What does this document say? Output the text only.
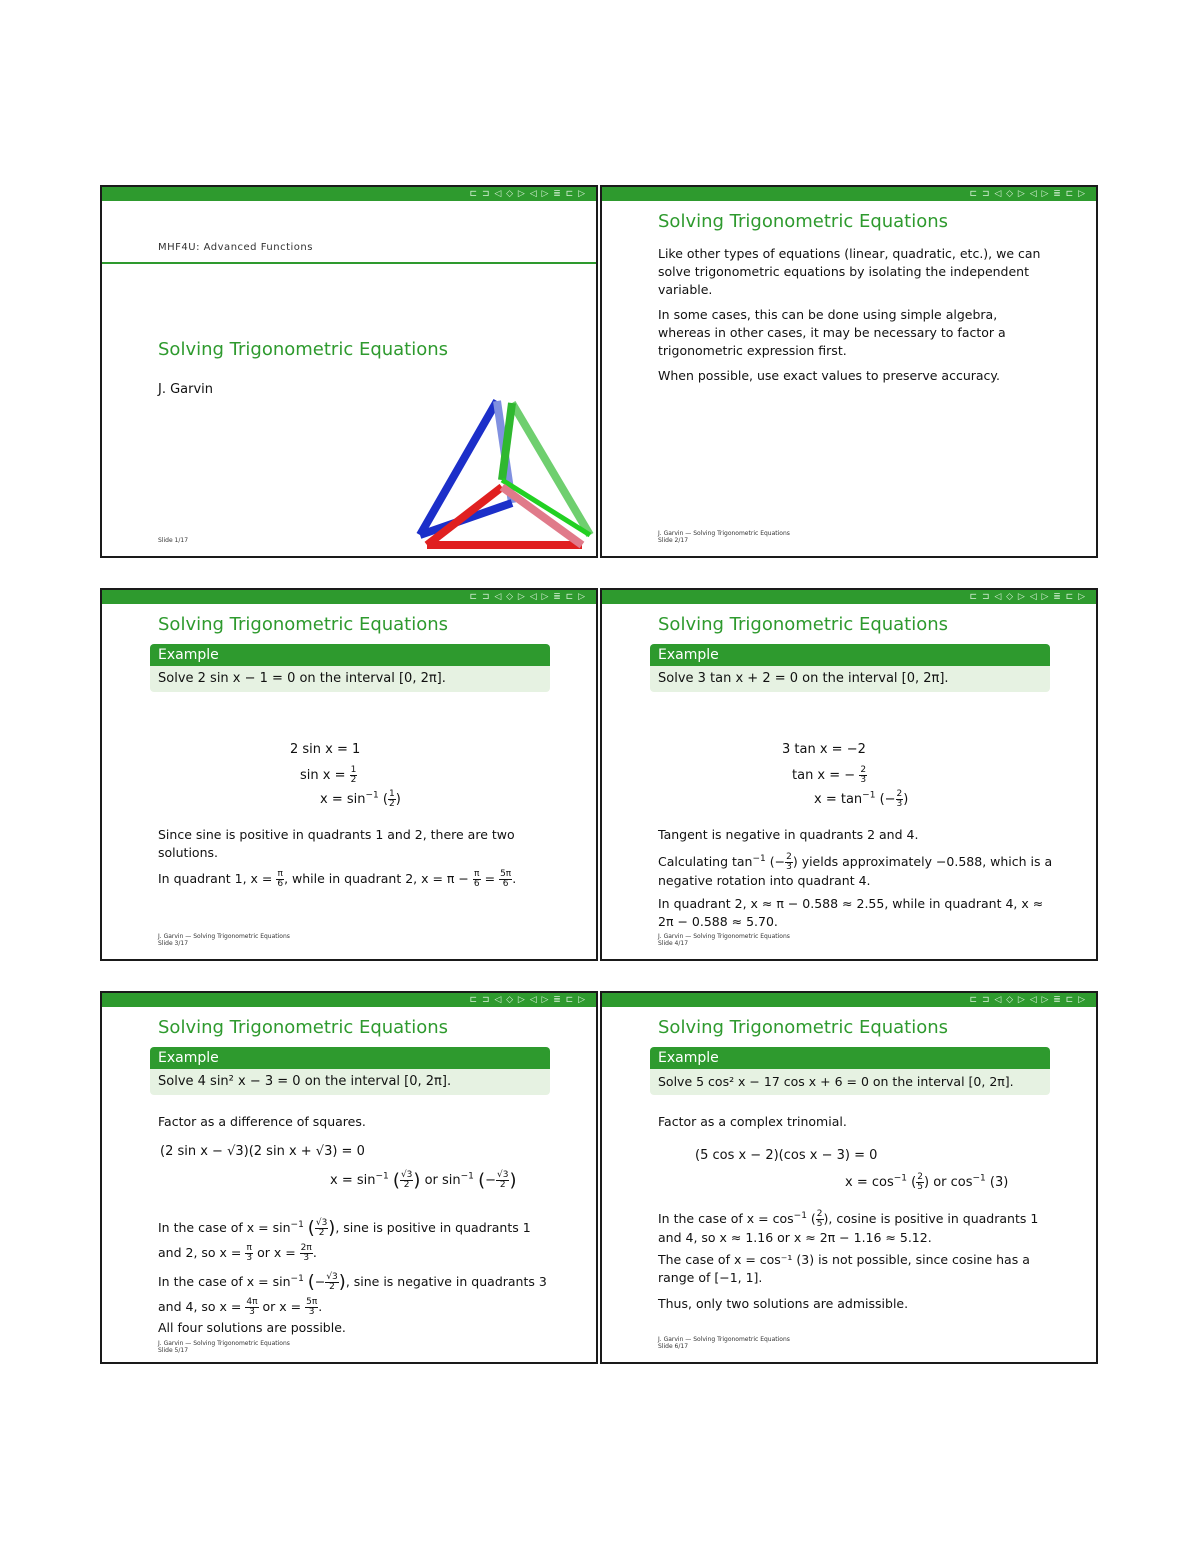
⊏ ⊐ ◁ ◇ ▷ ◁ ▷ ≣ ⊏ ▷
MHF4U: Advanced Functions
Solving Trigonometric Equations
J. Garvin
Slide 1/17
⊏ ⊐ ◁ ◇ ▷ ◁ ▷ ≣ ⊏ ▷
Solving Trigonometric Equations

Like other types of equations (linear, quadratic, etc.), we can solve trigonometric equations by isolating the independent variable.

In some cases, this can be done using simple algebra, whereas in other cases, it may be necessary to factor a trigonometric expression first.

When possible, use exact values to preserve accuracy.

J. Garvin — Solving Trigonometric Equations
Slide 2/17
⊏ ⊐ ◁ ◇ ▷ ◁ ▷ ≣ ⊏ ▷
Solving Trigonometric Equations
Example
Solve 2 sin x − 1 = 0 on the interval [0, 2π].
2 sin x = 1
$\sin x = \frac{1}{2}$
$x = \sin^{-1}$ ( $\frac{1}{2}$ )
Since sine is positive in quadrants 1 and 2, there are two solutions.
In quadrant 1, $x = \frac{\pi}{6}$ , while in quadrant 2, $x = \pi - \frac{\pi}{6} = \frac{5\pi}{6}$ .
J. Garvin — Solving Trigonometric Equations
Slide 3/17
⊏ ⊐ ◁ ◇ ▷ ◁ ▷ ≣ ⊏ ▷
Solving Trigonometric Equations
Example
Solve 3 tan x + 2 = 0 on the interval [0, 2π].
3 tan x = −2
tan x = − $\frac{2}{3}$
$x = \tan^{-1}$ (− $\frac{2}{3}$ )
Tangent is negative in quadrants 2 and 4.
Calculating $\tan^{-1}$ (− $\frac{2}{3}$ ) yields approximately −0.588, which is a negative rotation into quadrant 4.
In quadrant 2, x ≈ π − 0.588 ≈ 2.55, while in quadrant 4, x ≈ 2π − 0.588 ≈ 5.70.
J. Garvin — Solving Trigonometric Equations
Slide 4/17
⊏ ⊐ ◁ ◇ ▷ ◁ ▷ ≣ ⊏ ▷
Solving Trigonometric Equations
Example
Solve 4 sin² x − 3 = 0 on the interval [0, 2π].
Factor as a difference of squares.
(2 sin x − √3)(2 sin x + √3) = 0
$x = \sin^{-1}$ ( $\frac{√3}{2}$ ) or $\sin^{-1}$ (− $\frac{√3}{2}$ )
In the case of $x = \sin^{-1}$ ( $\frac{√3}{2}$ ), sine is positive in quadrants 1 and 2, so $x = \frac{\pi}{3}$ or $x = \frac{2\pi}{3}$ .
In the case of $x = \sin^{-1}$ (− $\frac{√3}{2}$ ), sine is negative in quadrants 3 and 4, so $x = \frac{4\pi}{3}$ or $x = \frac{5\pi}{3}$ .
All four solutions are possible.
J. Garvin — Solving Trigonometric Equations
Slide 5/17
⊏ ⊐ ◁ ◇ ▷ ◁ ▷ ≣ ⊏ ▷
Solving Trigonometric Equations
Example
Solve 5 cos² x − 17 cos x + 6 = 0 on the interval [0, 2π].
Factor as a complex trinomial.
(5 cos x − 2)(cos x − 3) = 0
$x = \cos^{-1}$ ( $\frac{2}{5}$ ) or $\cos^{-1} (3)$
In the case of $x = \cos^{-1}$ ( $\frac{2}{5}$ ), cosine is positive in quadrants 1 and 4, so x ≈ 1.16 or x ≈ 2π − 1.16 ≈ 5.12.
The case of x = cos⁻¹ (3) is not possible, since cosine has a range of [−1, 1].
Thus, only two solutions are admissible.
J. Garvin — Solving Trigonometric Equations
Slide 6/17
